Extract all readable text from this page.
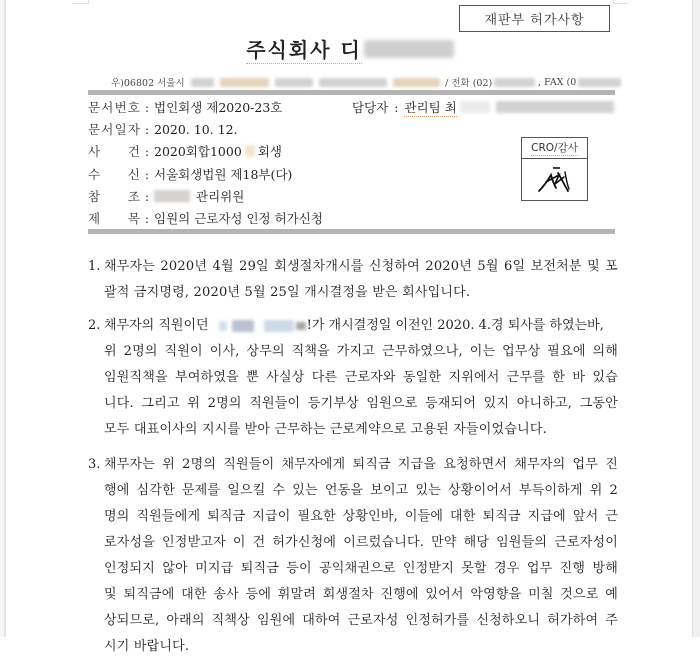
재판부 허가사항
주식회사 디
우)06802 서울시	/ 전화 (02)	, FAX (0
문 서 번 호 : 법인회생 제2020-23호
문 서 일 자 : 2020. 10. 12.
사 건 : 2020회합1000 회생
수 신 : 서울회생법원 제18부(다)
참 조 :	관리위원
제 목 : 임원의 근로자성 인정 허가신청
담당자 : 관리팀 최
CRO/감사
1. 채무자는 2020년 4월 29일 회생절차개시를 신청하여 2020년 5월 6일 보전처분 및 포
괄적 금지명령, 2020년 5월 25일 개시결정을 받은 회사입니다.
2. 채무자의 직원이던	!가 개시결정일 이전인 2020. 4.경 퇴사를 하였는바,
위 2명의 직원이 이사, 상무의 직책을 가지고 근무하였으나, 이는 업무상 필요에 의해
임원직책을 부여하였을 뿐 사실상 다른 근로자와 동일한 지위에서 근무를 한 바 있습
니다. 그리고 위 2명의 직원들이 등기부상 임원으로 등재되어 있지 아니하고, 그동안
모두 대표이사의 지시를 받아 근무하는 근로계약으로 고용된 자들이었습니다.
3. 채무자는 위 2명의 직원들이 채무자에게 퇴직금 지급을 요청하면서 채무자의 업무 진
행에 심각한 문제를 일으킬 수 있는 언동을 보이고 있는 상황이어서 부득이하게 위 2
명의 직원들에게 퇴직금 지급이 필요한 상황인바, 이들에 대한 퇴직금 지급에 앞서 근
로자성을 인정받고자 이 건 허가신청에 이르렀습니다. 만약 해당 임원들의 근로자성이
인정되지 않아 미지급 퇴직금 등이 공익채권으로 인정받지 못할 경우 업무 진행 방해
및 퇴직금에 대한 송사 등에 휘말려 회생절차 진행에 있어서 악영향을 미칠 것으로 예
상되므로, 아래의 직책상 임원에 대하여 근로자성 인정허가를 신청하오니 허가하여 주
시기 바랍니다.
